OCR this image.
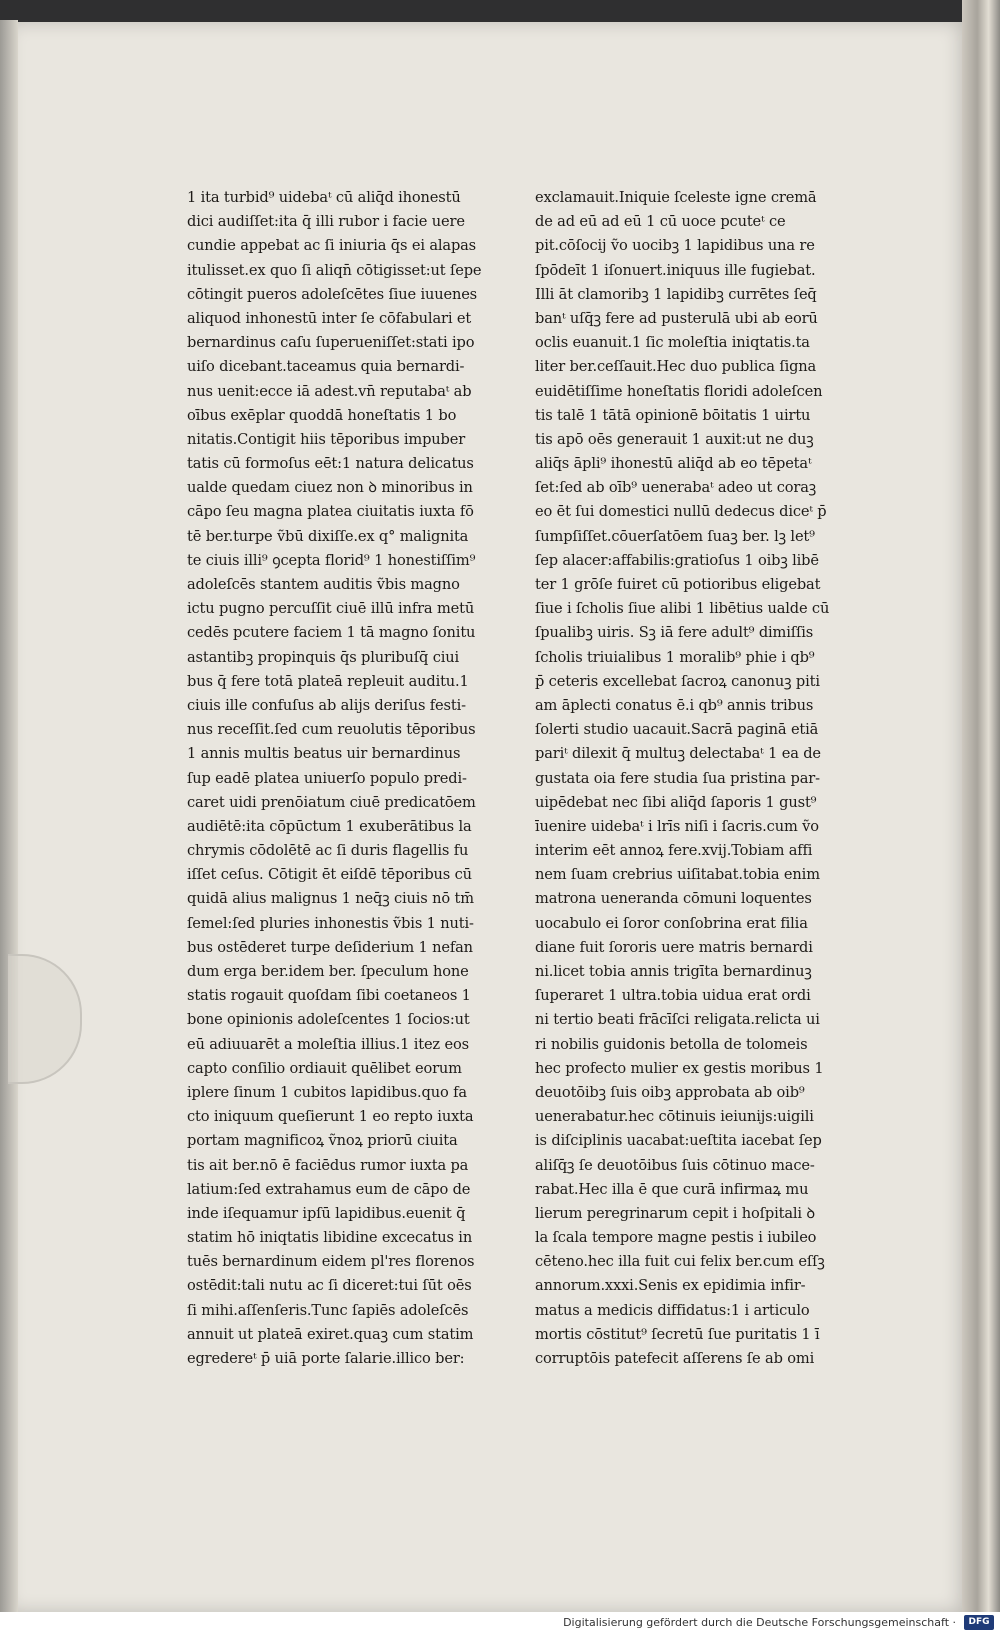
1 ita turbid⁹ uidebaᵗ cū aliq̄d ihonestū
dici audiſſet:ita q̄ illi rubor i facie uere
cundie appebat ac ſi iniuria q̄s ei alapas
itulisset.ex quo ſi aliqn̄ cōtigisset:ut ſepe
cōtingit pueros adoleſcētes ſiue iuuenes
aliquod inhonestū inter ſe cōfabulari et
bernardinus caſu ſuperueniſſet:stati ipo
uiſo dicebant.taceamus quia bernardi-
nus uenit:ecce iā adest.vn̄ reputabaᵗ ab
oībus exēplar quoddā honeſtatis 1 bo
nitatis.Contigit hiis tēporibus impuber
tatis cū formoſus eēt:1 natura delicatus
ualde quedam ciuez non ꝺ minoribus in
cāpo ſeu magna platea ciuitatis iuxta fō
tē ber.turpe ṽbū dixiſſe.ex q° malignita
te ciuis illi⁹ ꝯcepta florid⁹ 1 honestiſſim⁹
adoleſcēs stantem auditis ṽbis magno
ictu pugno percuſſit ciuē illū infra metū
cedēs pcutere faciem 1 tā magno ſonitu
astantibꝫ propinquis q̄s pluribuſq̄ ciui
bus q̄ fere totā plateā repleuit auditu.1
ciuis ille confuſus ab alijs deriſus festi-
nus receſſit.ſed cum reuolutis tēporibus
1 annis multis beatus uir bernardinus
ſup eadē platea uniuerſo populo predi-
caret uidi prenōiatum ciuē predicatōem
audiētē:ita cōpūctum 1 exuberātibus la
chrymis cōdolētē ac ſi duris flagellis fu
iſſet ceſus. Cōtigit ēt eiſdē tēporibus cū
quidā alius malignus 1 neq̄ꝫ ciuis nō tm̄
ſemel:ſed pluries inhonestis ṽbis 1 nuti-
bus ostēderet turpe deſiderium 1 nefan
dum erga ber.idem ber. ſpeculum hone
statis rogauit quoſdam ſibi coetaneos 1
bone opinionis adoleſcentes 1 ſocios:ut
eū adiuuarēt a moleſtia illius.1 itez eos
capto conſilio ordiauit quēlibet eorum
iplere ſinum 1 cubitos lapidibus.quo fa
cto iniquum queſierunt 1 eo repto iuxta
portam magnificoꝝ ṽnoꝝ priorū ciuita
tis ait ber.nō ē faciēdus rumor iuxta pa
latium:ſed extrahamus eum de cāpo de
inde iſequamur ipſū lapidibus.euenit q̄
statim hō iniqtatis libidine excecatus in
tuēs bernardinum eidem pl'res florenos
ostēdit:tali nutu ac ſi diceret:tui ſūt oēs
ſi mihi.aſſenſeris.Tunc ſapiēs adoleſcēs
annuit ut plateā exiret.quaꝫ cum statim
egredereᵗ p̄ uiā porte ſalarie.illico ber:
exclamauit.Iniquie ſceleste igne cremā
de ad eū ad eū 1 cū uoce pcuteᵗ ce
pit.cōſocij ṽo uocibꝫ 1 lapidibus una re
ſpōdeīt 1 iſonuert.iniquus ille fugiebat.
Illi āt clamoribꝫ 1 lapidibꝫ currētes ſeq̄
banᵗ uſq̄ꝫ fere ad pusterulā ubi ab eorū
oclis euanuit.1 ſic moleſtia iniqtatis.ta
liter ber.ceſſauit.Hec duo publica ſigna
euidētiſſime honeſtatis floridi adoleſcen
tis talē 1 tātā opinionē bōitatis 1 uirtu
tis apō oēs generauit 1 auxit:ut ne duꝫ
aliq̄s āpli⁹ ihonestū aliq̄d ab eo tēpetaᵗ
ſet:ſed ab oīb⁹ uenerabaᵗ adeo ut coraꝫ
eo ēt ſui domestici nullū dedecus diceᵗ p̄
ſumpſiſſet.cōuerſatōem ſuaꝫ ber. lꝫ let⁹
ſep alacer:affabilis:gratioſus 1 oibꝫ libē
ter 1 grōſe fuiret cū potioribus eligebat
ſiue i ſcholis ſiue alibi 1 libētius ualde cū
ſpualibꝫ uiris. Sꝫ iā fere adult⁹ dimiſſis
ſcholis triuialibus 1 moralib⁹ phie i qb⁹
p̄ ceteris excellebat ſacroꝝ canonuꝫ piti
am āplecti conatus ē.i qb⁹ annis tribus
ſolerti studio uacauit.Sacrā paginā etiā
pariᵗ dilexit q̄ multuꝫ delectabaᵗ 1 ea de
gustata oia fere studia ſua pristina par-
uipēdebat nec ſibi aliq̄d ſaporis 1 gust⁹
īuenire uidebaᵗ i lrīs niſi i ſacris.cum ṽo
interim eēt annoꝝ fere.xvij.Tobiam affi
nem ſuam crebrius uiſitabat.tobia enim
matrona ueneranda cōmuni loquentes
uocabulo ei ſoror conſobrina erat filia
diane fuit ſororis uere matris bernardi
ni.licet tobia annis trigīta bernardinuꝫ
ſuperaret 1 ultra.tobia uidua erat ordi
ni tertio beati frācīſci religata.relicta ui
ri nobilis guidonis betolla de tolomeis
hec profecto mulier ex gestis moribus 1
deuotōibꝫ ſuis oibꝫ approbata ab oib⁹
uenerabatur.hec cōtinuis ieiunijs:uigili
is diſciplinis uacabat:ueſtita iacebat ſep
aliſq̄ꝫ ſe deuotōibus ſuis cōtinuo mace-
rabat.Hec illa ē que curā infirmaꝝ mu
lierum peregrinarum cepit i hoſpitali ꝺ
la ſcala tempore magne pestis i iubileo
cēteno.hec illa fuit cui felix ber.cum eſſꝫ
annorum.xxxi.Senis ex epidimia infir-
matus a medicis diffidatus:1 i articulo
mortis cōstitut⁹ ſecretū ſue puritatis 1 ī
corruptōis patefecit aſſerens ſe ab omi
Digitalisierung gefördert durch die Deutsche Forschungsgemeinschaft ·	DFG
